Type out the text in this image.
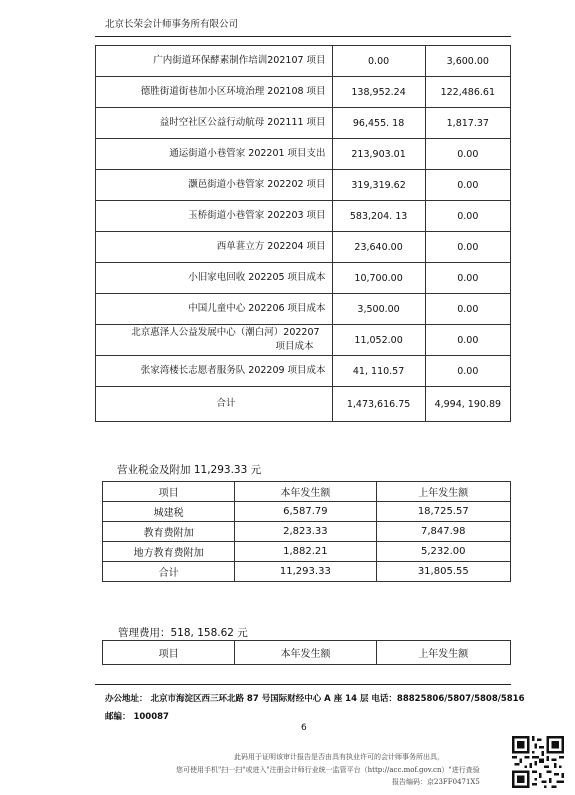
北京长荣会计师事务所有限公司
广内街道环保酵素制作培训202107 项目	0.00	3,600.00
德胜街道街巷加小区环境治理 202108 项目	138,952.24	122,486.61
益时空社区公益行动航母 202111 项目	96,455. 18	1,817.37
通运街道小巷管家 202201 项目支出	213,903.01	0.00
灏邑街道小巷管家 202202 项目	319,319.62	0.00
玉桥街道小巷管家 202203 项目	583,204. 13	0.00
西单葚立方 202204 项目	23,640.00	0.00
小旧家电回收 202205 项目成本	10,700.00	0.00
中国儿童中心 202206 项目成本	3,500.00	0.00

北京惠泽人公益发展中心（潮白河）202207
项目成本	11,052.00	0.00
张家湾楼长志愿者服务队 202209 项目成本	41, 110.57	0.00
合计	1,473,616.75	4,994, 190.89
营业税金及附加 11,293.33 元
项目	本年发生额	上年发生额
城建税	6,587.79	18,725.57
教育费附加	2,823.33	7,847.98
地方教育费附加	1,882.21	5,232.00
合计	11,293.33	31,805.55
管理费用：518, 158.62 元
项目	本年发生额	上年发生额
办公地址： 北京市海淀区西三环北路 87 号国际财经中心 A 座 14 层 电话：88825806/5807/5808/5816
邮编： 100087
6
此码用于证明该审计报告是否由具有执业许可的会计师事务所出具，
您可使用手机"扫一扫"或进入"注册会计师行业统一监管平台（http://acc.mof.gov.cn）"进行查验
报告编码：京23FF0471X5
